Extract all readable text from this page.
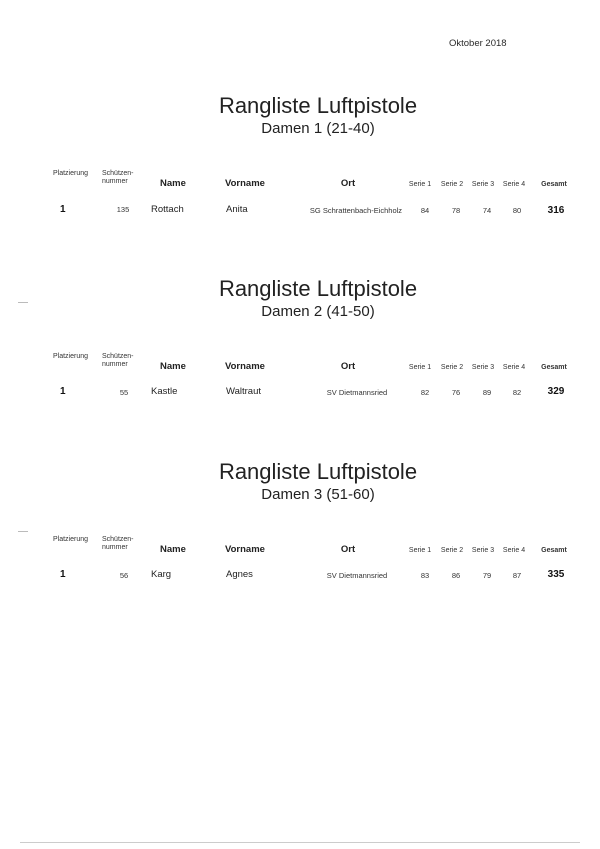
Oktober 2018
Rangliste Luftpistole
Damen 1 (21-40)
Platzierung Schützen-
nummer	Name	Vorname	Ort	Serie 1 Serie 2 Serie 3 Serie 4 Gesamt
1	135 Rottach	Anita	SG Schrattenbach-Eichholz	84	78	74	80	316
Rangliste Luftpistole
Damen 2 (41-50)
Platzierung Schützen-
nummer	Name	Vorname	Ort	Serie 1 Serie 2 Serie 3 Serie 4 Gesamt
1	55 Kastle	Waltraut	SV Dietmannsried	82	76	89	82	329
Rangliste Luftpistole
Damen 3 (51-60)
Platzierung Schützen-
nummer	Name	Vorname	Ort	Serie 1 Serie 2 Serie 3 Serie 4 Gesamt
1	56 Karg	Agnes	SV Dietmannsried	83	86	79	87	335
